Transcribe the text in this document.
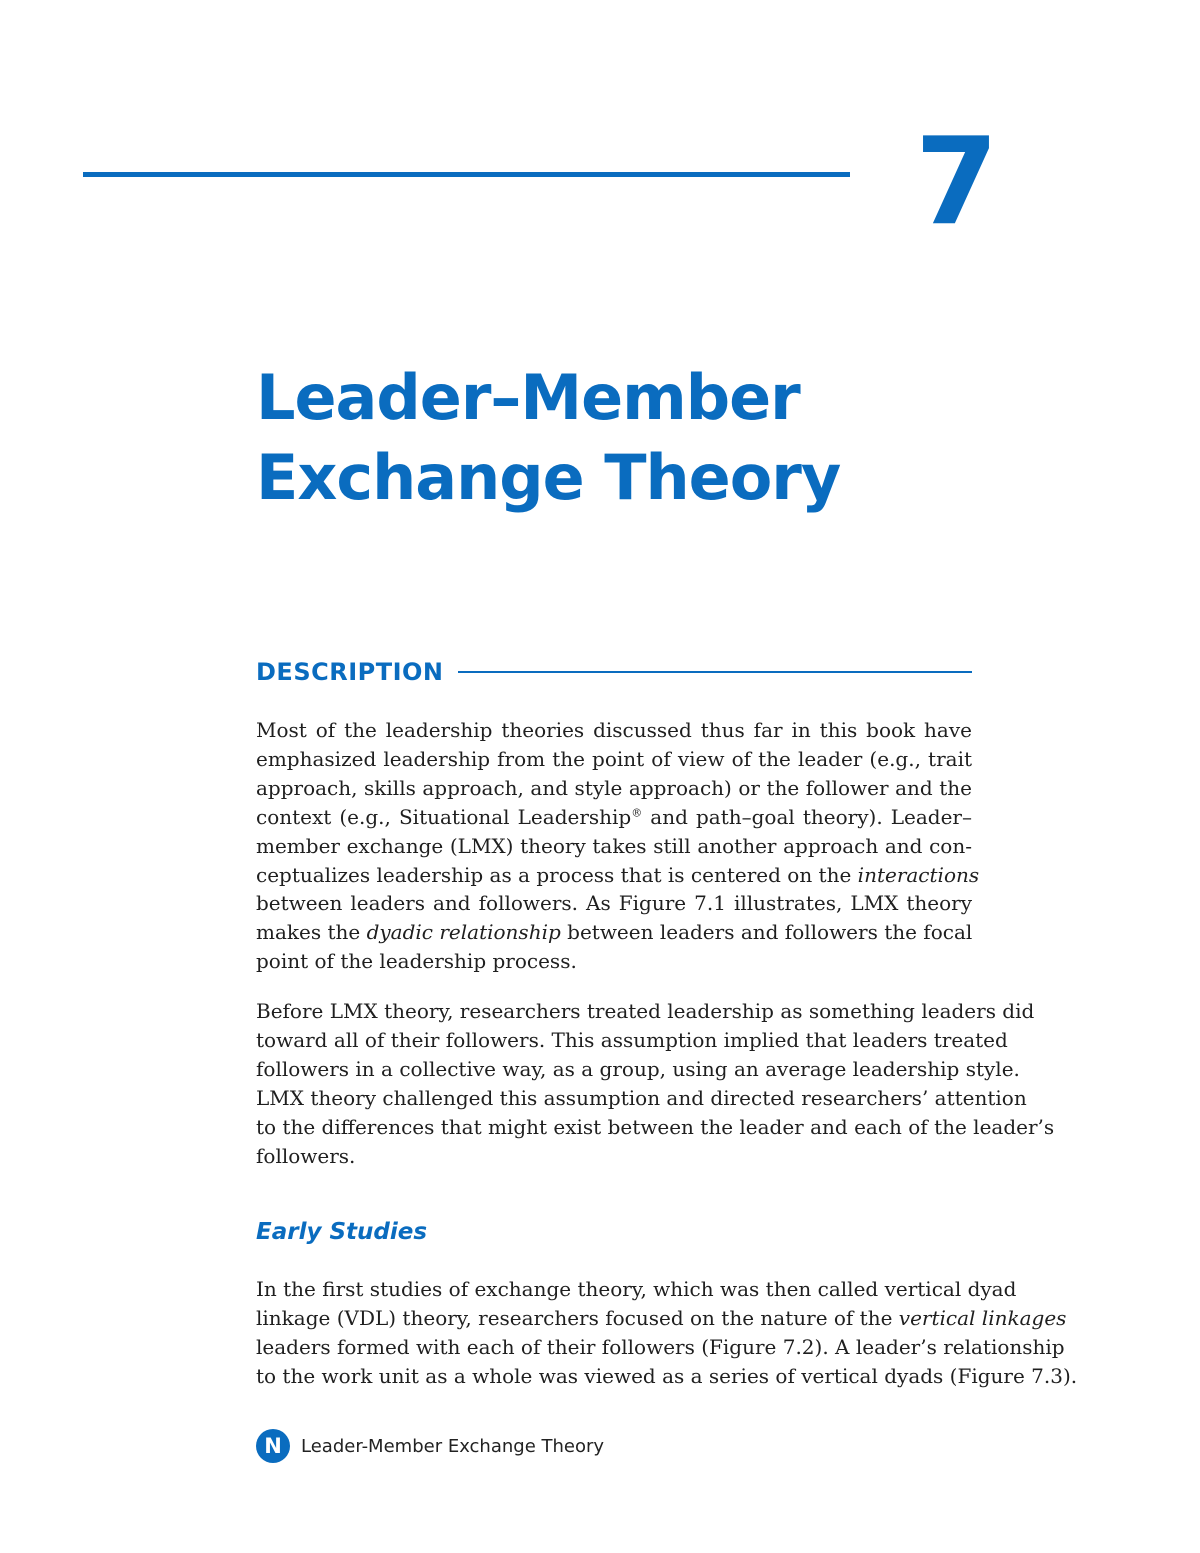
7
Leader–Member
Exchange Theory
DESCRIPTION

Most of the leadership theories discussed thus far in this book have
emphasized leadership from the point of view of the leader (e.g., trait
approach, skills approach, and style approach) or the follower and the
context (e.g., Situational Leadership® and path–goal theory). Leader–
member exchange (LMX) theory takes still another approach and con-
ceptualizes leadership as a process that is centered on the interactions
between leaders and followers. As Figure 7.1 illustrates, LMX theory
makes the dyadic relationship between leaders and followers the focal
point of the leadership process.

Before LMX theory, researchers treated leadership as something leaders did
toward all of their followers. This assumption implied that leaders treated
followers in a collective way, as a group, using an average leadership style.
LMX theory challenged this assumption and directed researchers’ attention
to the differences that might exist between the leader and each of the leader’s
followers.

Early Studies

In the first studies of exchange theory, which was then called vertical dyad
linkage (VDL) theory, researchers focused on the nature of the vertical linkages
leaders formed with each of their followers (Figure 7.2). A leader’s relationship
to the work unit as a whole was viewed as a series of vertical dyads (Figure 7.3).

N	Leader-Member Exchange Theory
